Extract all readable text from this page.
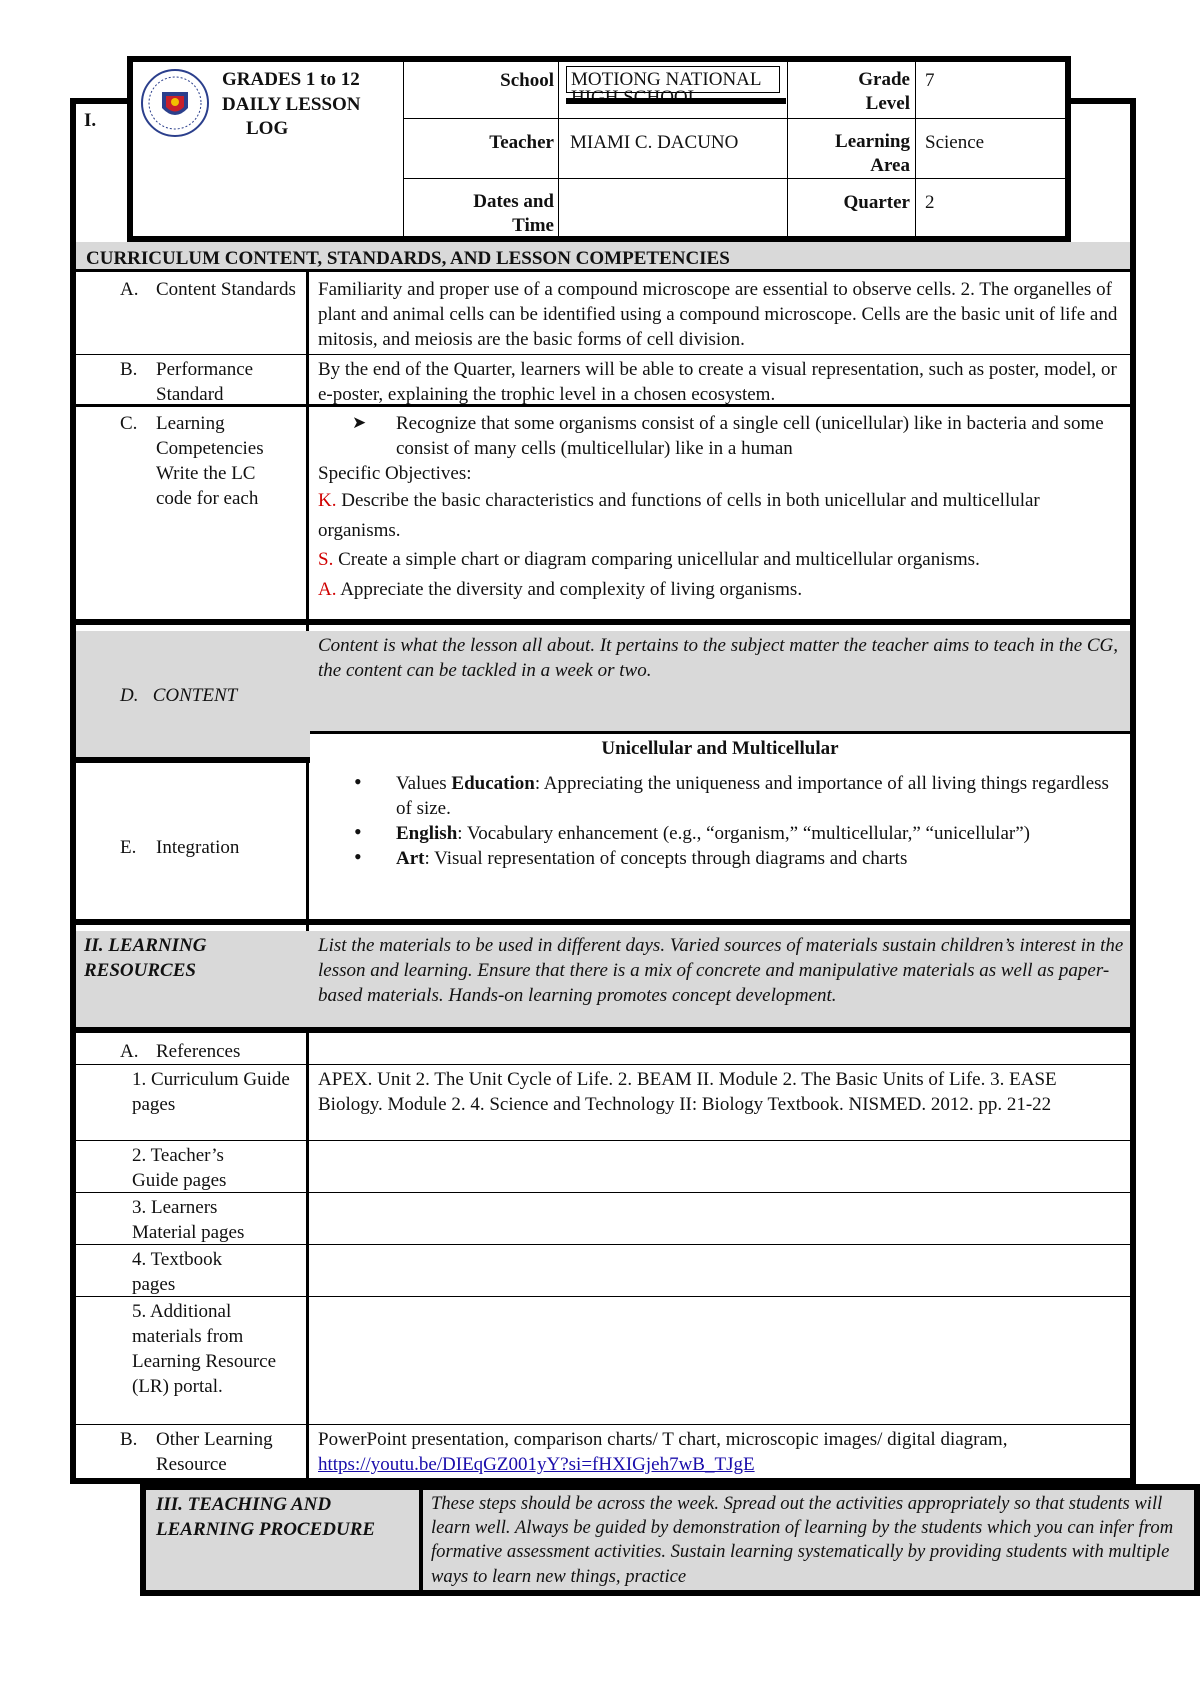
I.
GRADES 1 to 12
DAILY LESSON
LOG
School MOTIONG NATIONAL	Grade
Level
7
Teacher MIAMI C. DACUNO	Learning
Area
Science
Dates and
Time
Quarter 2
CURRICULUM CONTENT, STANDARDS, AND LESSON COMPETENCIES
A. Content Standards Familiarity and proper use of a compound microscope are essential to observe cells. 2. The organelles of plant and animal cells can be identified using a compound microscope. Cells are the basic unit of life and mitosis, and meiosis are the basic forms of cell division.
B. Performance Standard
By the end of the Quarter, learners will be able to create a visual representation, such as poster, model, or e-poster, explaining the trophic level in a chosen ecosystem.
C. Learning Competencies Write the LC code for each
➤ Recognize that some organisms consist of a single cell (unicellular) like in bacteria and some consist of many cells (multicellular) like in a human
Specific Objectives:
K. Describe the basic characteristics and functions of cells in both unicellular and multicellular organisms.
S. Create a simple chart or diagram comparing unicellular and multicellular organisms.
A. Appreciate the diversity and complexity of living organisms.
D.   CONTENT
Content is what the lesson all about. It pertains to the subject matter the teacher aims to teach in the CG, the content can be tackled in a week or two.
Unicellular and Multicellular
E. Integration
• Values Education: Appreciating the uniqueness and importance of all living things regardless of size.
• English: Vocabulary enhancement (e.g., “organism,” “multicellular,” “unicellular”)
• Art: Visual representation of concepts through diagrams and charts
II. LEARNING RESOURCES
List the materials to be used in different days. Varied sources of materials sustain children’s interest in the lesson and learning. Ensure that there is a mix of concrete and manipulative materials as well as paper-based materials. Hands-on learning promotes concept development.
A. References
1. Curriculum Guide pages
APEX. Unit 2. The Unit Cycle of Life. 2. BEAM II. Module 2. The Basic Units of Life. 3. EASE Biology. Module 2. 4. Science and Technology II: Biology Textbook. NISMED. 2012. pp. 21-22
2. Teacher’s Guide pages
3. Learners Material pages
4. Textbook pages
5. Additional materials from Learning Resource (LR) portal.
B. Other Learning Resource
PowerPoint presentation, comparison charts/ T chart, microscopic images/ digital diagram,
https://youtu.be/DIEqGZ001yY?si=fHXIGjeh7wB_TJgE
III. TEACHING AND LEARNING PROCEDURE
These steps should be across the week. Spread out the activities appropriately so that students will learn well. Always be guided by demonstration of learning by the students which you can infer from formative assessment activities. Sustain learning systematically by providing students with multiple ways to learn new things, practice
